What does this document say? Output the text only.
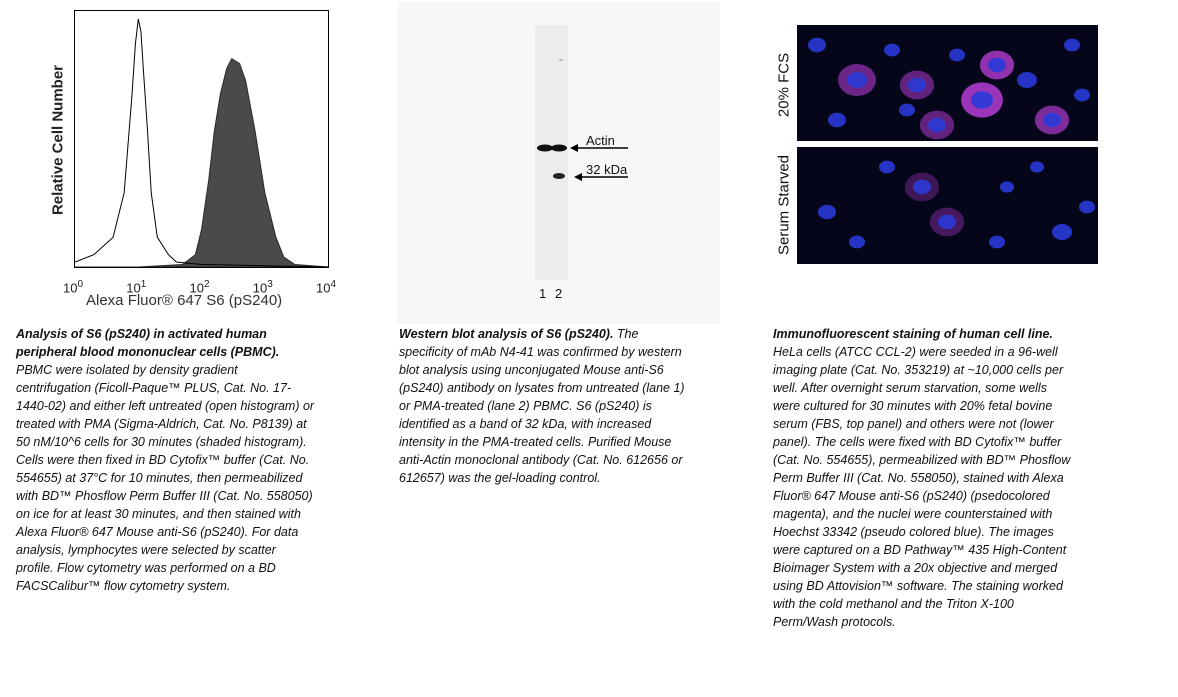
Relative Cell Number
$10^0$	$10^1$	$10^2$	$10^3$	$10^4$
Alexa Fluor® 647 S6 (pS240)
Actin
32 kDa
1 2
20% FCS
Serum Starved

Analysis of S6 (pS240) in activated human peripheral blood mononuclear cells (PBMC). PBMC were isolated by density gradient centrifugation (Ficoll-Paque™ PLUS, Cat. No. 17-1440-02) and either left untreated (open histogram) or treated with PMA (Sigma-Aldrich, Cat. No. P8139) at 50 nM/10^6 cells for 30 minutes (shaded histogram). Cells were then fixed in BD Cytofix™ buffer (Cat. No. 554655) at 37°C for 10 minutes, then permeabilized with BD™ Phosflow Perm Buffer III (Cat. No. 558050) on ice for at least 30 minutes, and then stained with Alexa Fluor® 647 Mouse anti-S6 (pS240). For data analysis, lymphocytes were selected by scatter profile. Flow cytometry was performed on a BD FACSCalibur™ flow cytometry system.

Western blot analysis of S6 (pS240). The specificity of mAb N4-41 was confirmed by western blot analysis using unconjugated Mouse anti-S6 (pS240) antibody on lysates from untreated (lane 1) or PMA-treated (lane 2) PBMC. S6 (pS240) is identified as a band of 32 kDa, with increased intensity in the PMA-treated cells. Purified Mouse anti-Actin monoclonal antibody (Cat. No. 612656 or 612657) was the gel-loading control.

Immunofluorescent staining of human cell line. HeLa cells (ATCC CCL-2) were seeded in a 96-well imaging plate (Cat. No. 353219) at ~10,000 cells per well. After overnight serum starvation, some wells were cultured for 30 minutes with 20% fetal bovine serum (FBS, top panel) and others were not (lower panel). The cells were fixed with BD Cytofix™ buffer (Cat. No. 554655), permeabilized with BD™ Phosflow Perm Buffer III (Cat. No. 558050), stained with Alexa Fluor® 647 Mouse anti-S6 (pS240) (psedocolored magenta), and the nuclei were counterstained with Hoechst 33342 (pseudo colored blue). The images were captured on a BD Pathway™ 435 High-Content Bioimager System with a 20x objective and merged using BD Attovision™ software. The staining worked with the cold methanol and the Triton X-100 Perm/Wash protocols.
